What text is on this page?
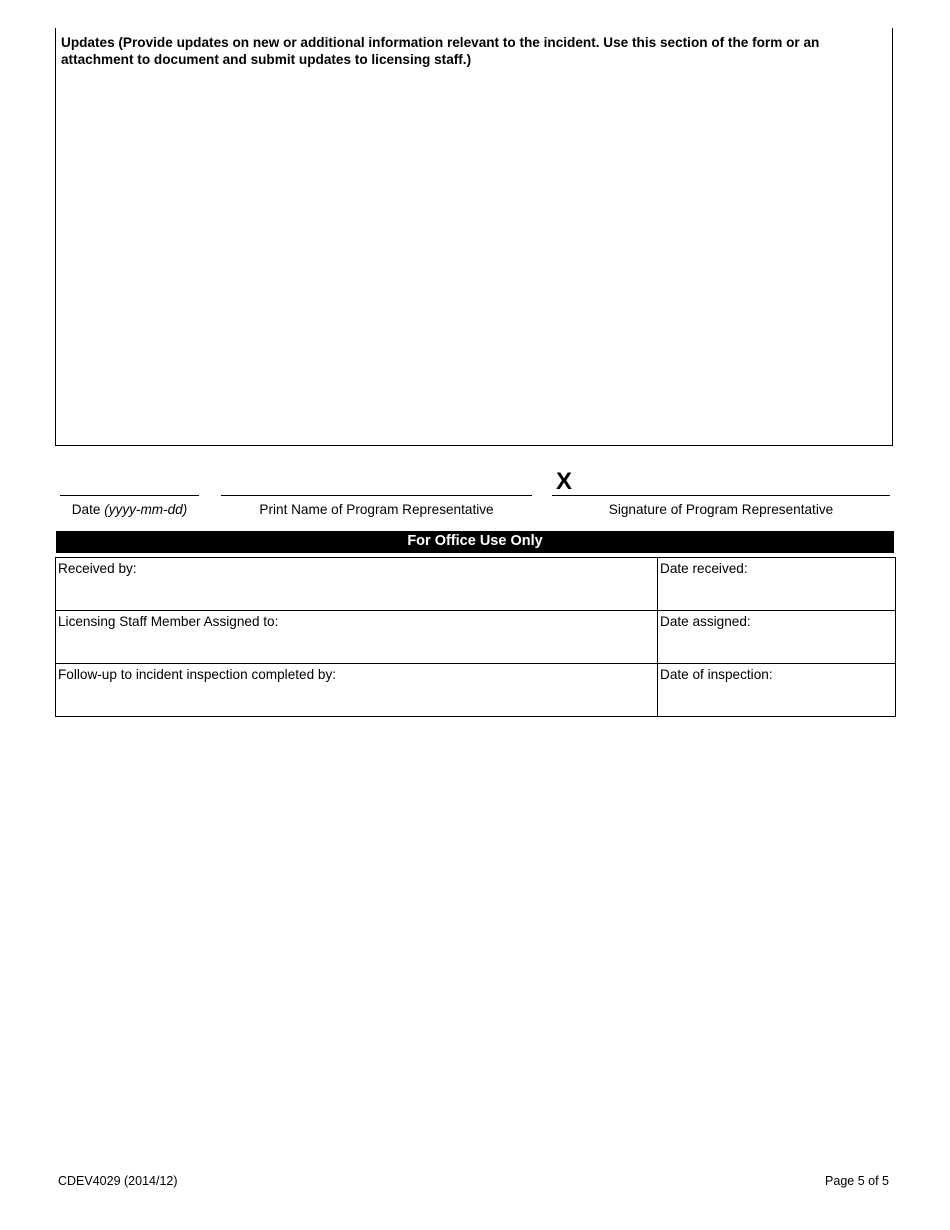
Updates (Provide updates on new or additional information relevant to the incident. Use this section of the form or an attachment to document and submit updates to licensing staff.)
Date (yyyy-mm-dd)	Print Name of Program Representative
X
Signature of Program Representative
For Office Use Only
Received by:	Date received:
Licensing Staff Member Assigned to:	Date assigned:
Follow-up to incident inspection completed by:	Date of inspection:
CDEV4029 (2014/12)	Page 5 of 5
